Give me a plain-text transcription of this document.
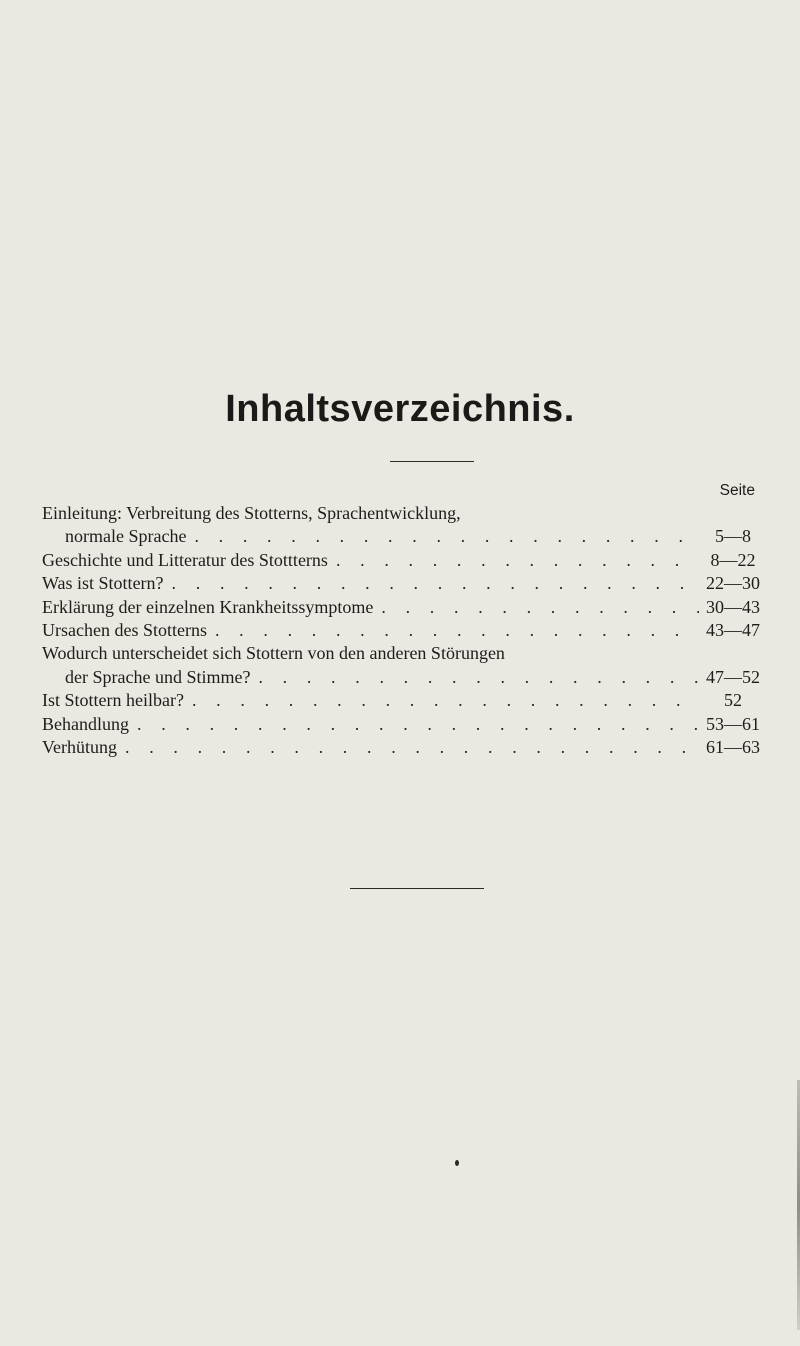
Inhaltsverzeichnis.
Seite
Einleitung: Verbreitung des Stotterns, Sprachentwicklung,
normale Sprache . . .	5—8
Geschichte und Litteratur des Stottterns . . .	8—22
Was ist Stottern? . . .	22—30
Erklärung der einzelnen Krankheitssymptome . . .	30—43
Ursachen des Stotterns . . .	43—47
Wodurch unterscheidet sich Stottern von den anderen Störungen
der Sprache und Stimme? . . .	47—52
Ist Stottern heilbar? . . .	52
Behandlung . . .	53—61
Verhütung . . .	61—63
